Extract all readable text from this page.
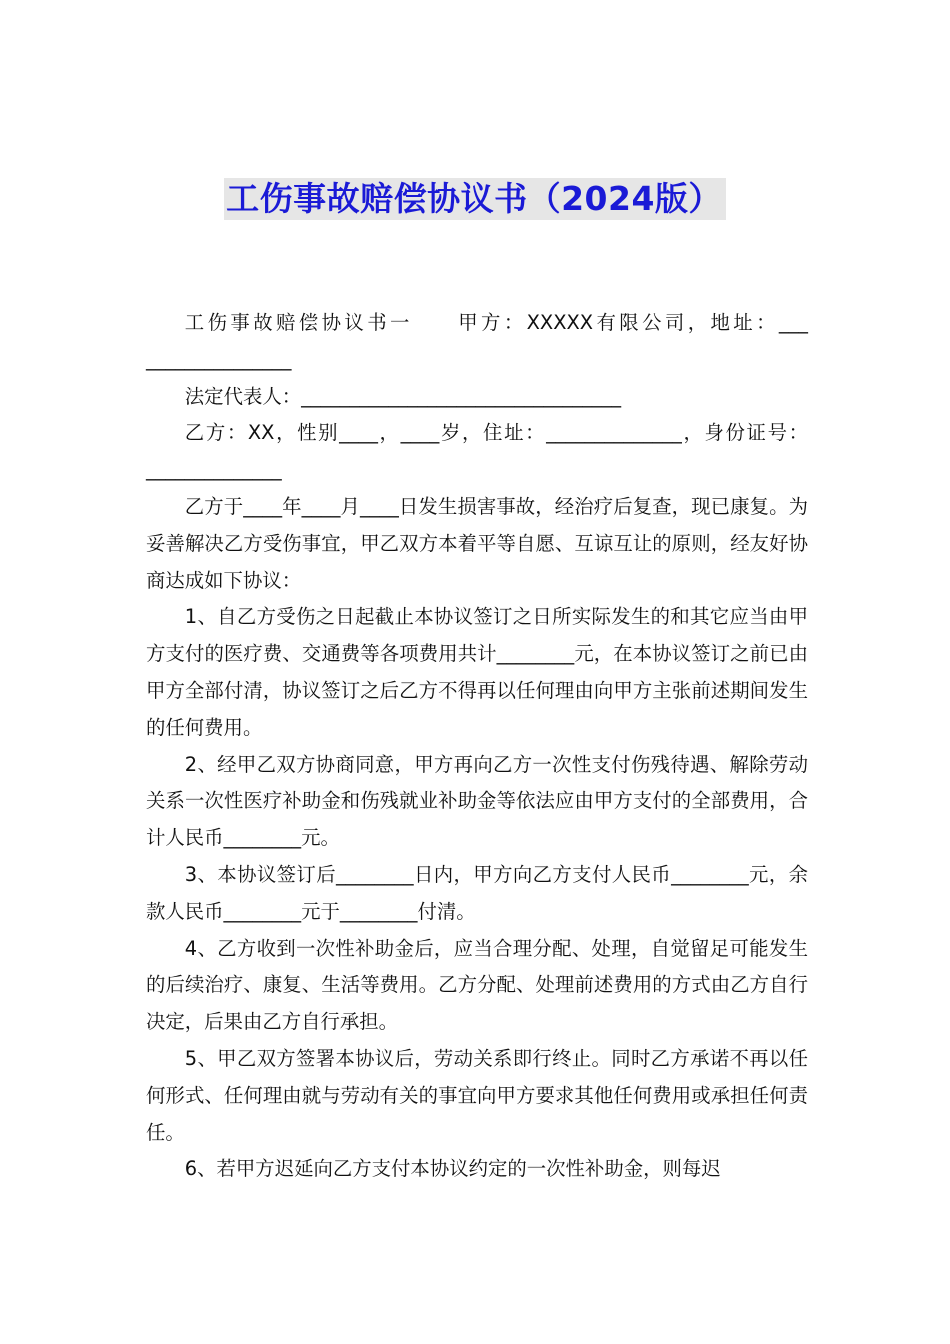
工伤事故赔偿协议书（2024版）

工伤事故赔偿协议书一 甲方：XXXXX有限公司，地址：___ _______________

法定代表人：_________________________________

乙方：XX，性别____，____岁，住址：______________，身份证号：______________

乙方于____年____月____日发生损害事故，经治疗后复查，现已康复。为妥善解决乙方受伤事宜，甲乙双方本着平等自愿、互谅互让的原则，经友好协商达成如下协议：

1、自乙方受伤之日起截止本协议签订之日所实际发生的和其它应当由甲方支付的医疗费、交通费等各项费用共计________元，在本协议签订之前已由甲方全部付清，协议签订之后乙方不得再以任何理由向甲方主张前述期间发生的任何费用。

2、经甲乙双方协商同意，甲方再向乙方一次性支付伤残待遇、解除劳动关系一次性医疗补助金和伤残就业补助金等依法应由甲方支付的全部费用，合计人民币________元。

3、本协议签订后________日内，甲方向乙方支付人民币________元，余款人民币________元于________付清。

4、乙方收到一次性补助金后，应当合理分配、处理，自觉留足可能发生的后续治疗、康复、生活等费用。乙方分配、处理前述费用的方式由乙方自行决定，后果由乙方自行承担。

5、甲乙双方签署本协议后，劳动关系即行终止。同时乙方承诺不再以任何形式、任何理由就与劳动有关的事宜向甲方要求其他任何费用或承担任何责任。

6、若甲方迟延向乙方支付本协议约定的一次性补助金，则每迟
